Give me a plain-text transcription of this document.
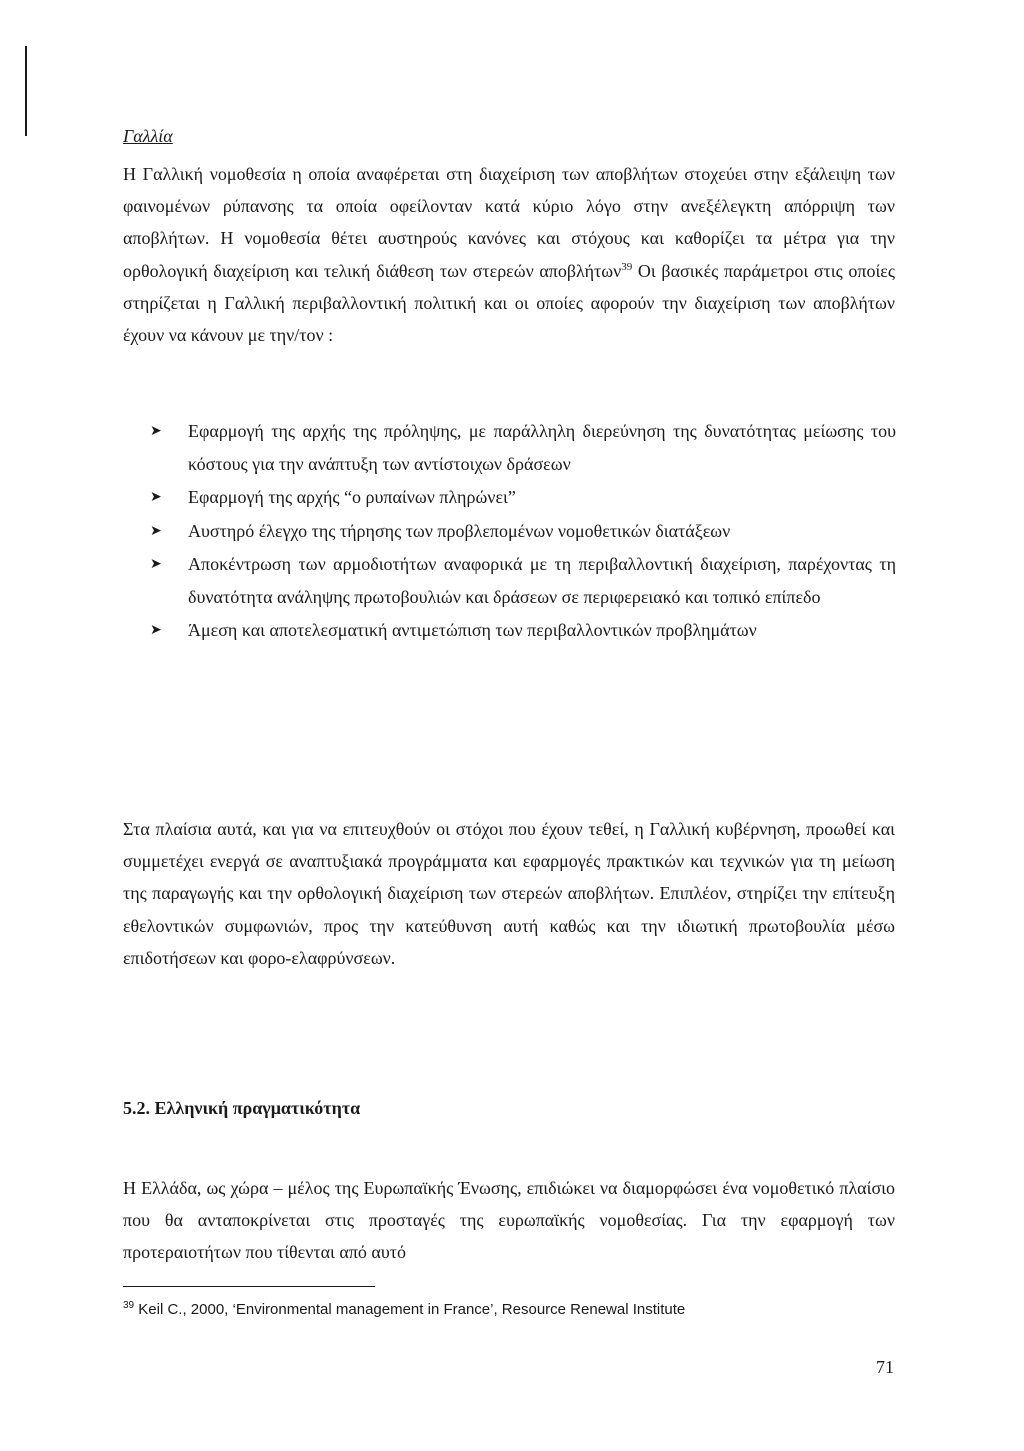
Γαλλία

Η Γαλλική νομοθεσία η οποία αναφέρεται στη διαχείριση των αποβλήτων στοχεύει στην εξάλειψη των φαινομένων ρύπανσης τα οποία οφείλονταν κατά κύριο λόγο στην ανεξέλεγκτη απόρριψη των αποβλήτων. Η νομοθεσία θέτει αυστηρούς κανόνες και στόχους και καθορίζει τα μέτρα για την ορθολογική διαχείριση και τελική διάθεση των στερεών αποβλήτων$^{39}$ Οι βασικές παράμετροι στις οποίες στηρίζεται η Γαλλική περιβαλλοντική πολιτική και οι οποίες αφορούν την διαχείριση των αποβλήτων έχουν να κάνουν με την/τον :

➤ Εφαρμογή της αρχής της πρόληψης, με παράλληλη διερεύνηση της δυνατότητας μείωσης του κόστους για την ανάπτυξη των αντίστοιχων δράσεων
➤ Εφαρμογή της αρχής “ο ρυπαίνων πληρώνει”
➤ Αυστηρό έλεγχο της τήρησης των προβλεπομένων νομοθετικών διατάξεων
➤ Αποκέντρωση των αρμοδιοτήτων αναφορικά με τη περιβαλλοντική διαχείριση, παρέχοντας τη δυνατότητα ανάληψης πρωτοβουλιών και δράσεων σε περιφερειακό και τοπικό επίπεδο
➤ Άμεση και αποτελεσματική αντιμετώπιση των περιβαλλοντικών προβλημάτων

Στα πλαίσια αυτά, και για να επιτευχθούν οι στόχοι που έχουν τεθεί, η Γαλλική κυβέρνηση, προωθεί και συμμετέχει ενεργά σε αναπτυξιακά προγράμματα και εφαρμογές πρακτικών και τεχνικών για τη μείωση της παραγωγής και την ορθολογική διαχείριση των στερεών αποβλήτων. Επιπλέον, στηρίζει την επίτευξη εθελοντικών συμφωνιών, προς την κατεύθυνση αυτή καθώς και την ιδιωτική πρωτοβουλία μέσω επιδοτήσεων και φορο-ελαφρύνσεων.

5.2. Ελληνική πραγματικότητα

Η Ελλάδα, ως χώρα – μέλος της Ευρωπαϊκής Ένωσης, επιδιώκει να διαμορφώσει ένα νομοθετικό πλαίσιο που θα ανταποκρίνεται στις προσταγές της ευρωπαϊκής νομοθεσίας. Για την εφαρμογή των προτεραιοτήτων που τίθενται από αυτό

$^{39}$ Keil C., 2000, ‘Environmental management in France’, Resource Renewal Institute
71
